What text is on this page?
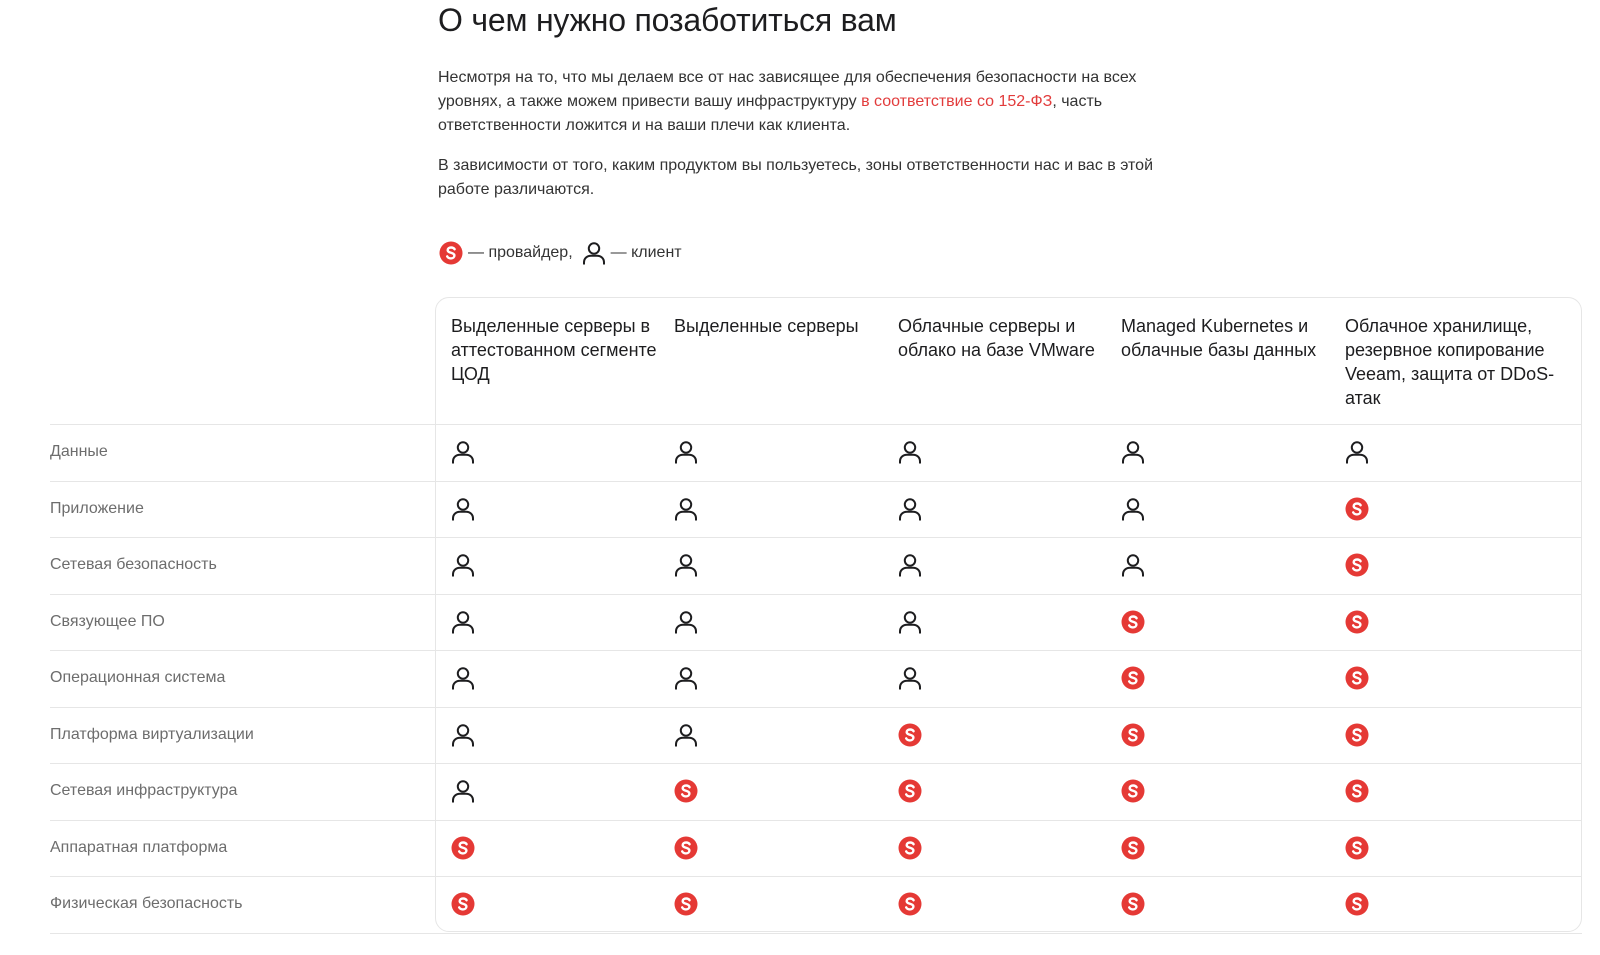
О чем нужно позаботиться вам

Несмотря на то, что мы делаем все от нас зависящее для обеспечения безопасности на всех уровнях, а также можем привести вашу инфраструктуру в соответствие со 152-ФЗ, часть ответственности ложится и на ваши плечи как клиента.

В зависимости от того, каким продуктом вы пользуетесь, зоны ответственности нас и вас в этой работе различаются.

— провайдер, — клиент
Выделенные серверы в аттестованном сегменте ЦОД
Выделенные серверы	Облачные серверы и облако на базе VMware
Managed Kubernetes и облачные базы данных
Облачное хранилище, резервное копирование Veeam, защита от DDoS-атак
Данные
Приложение
Сетевая безопасность
Связующее ПО
Операционная система
Платформа виртуализации
Сетевая инфраструктура
Аппаратная платформа
Физическая безопасность
